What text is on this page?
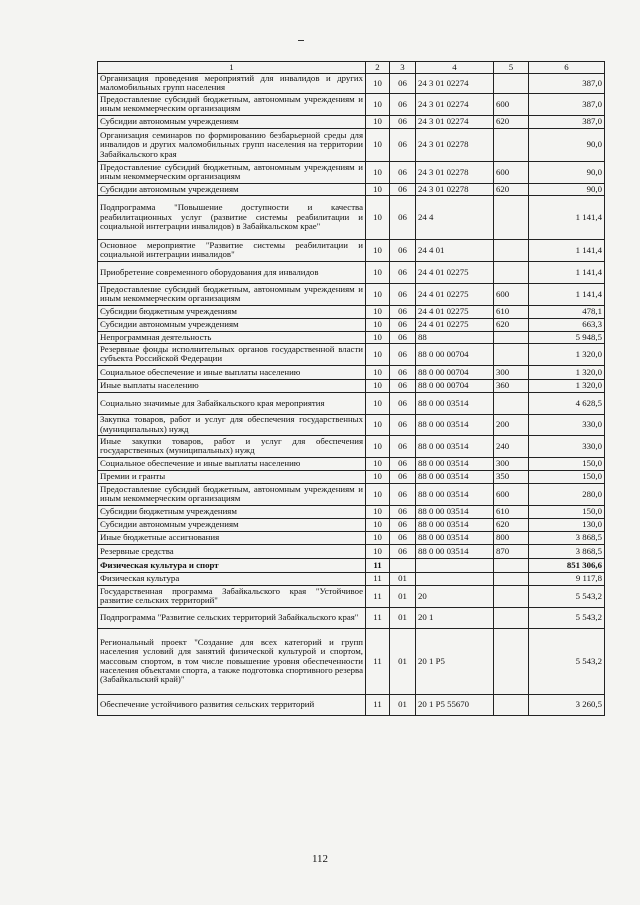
1	2	3	4	5	6
Организация проведения мероприятий для инвалидов и других маломобильных групп населения	10	06	24 3 01 02274		387,0
Предоставление субсидий бюджетным, автономным учреждениям и иным некоммерческим организациям	10	06	24 3 01 02274	600	387,0
Субсидии автономным учреждениям	10	06	24 3 01 02274	620	387,0
Организация семинаров по формированию безбарьерной среды для инвалидов и других маломобильных групп населения на территории Забайкальского края	10	06	24 3 01 02278		90,0
Предоставление субсидий бюджетным, автономным учреждениям и иным некоммерческим организациям	10	06	24 3 01 02278	600	90,0
Субсидии автономным учреждениям	10	06	24 3 01 02278	620	90,0
Подпрограмма "Повышение доступности и качества реабилитационных услуг (развитие системы реабилитации и социальной интеграции инвалидов) в Забайкальском крае"	10	06	24 4		1 141,4
Основное мероприятие "Развитие системы реабилитации и социальной интеграции инвалидов"	10	06	24 4 01		1 141,4
Приобретение современного оборудования для инвалидов	10	06	24 4 01 02275		1 141,4
Предоставление субсидий бюджетным, автономным учреждениям и иным некоммерческим организациям	10	06	24 4 01 02275	600	1 141,4
Субсидии бюджетным учреждениям	10	06	24 4 01 02275	610	478,1
Субсидии автономным учреждениям	10	06	24 4 01 02275	620	663,3
Непрограммная деятельность	10	06	88		5 948,5
Резервные фонды исполнительных органов государственной власти субъекта Российской Федерации	10	06	88 0 00 00704		1 320,0
Социальное обеспечение и иные выплаты населению	10	06	88 0 00 00704	300	1 320,0
Иные выплаты населению	10	06	88 0 00 00704	360	1 320,0
Социально значимые для Забайкальского края мероприятия	10	06	88 0 00 03514		4 628,5
Закупка товаров, работ и услуг для обеспечения государственных (муниципальных) нужд	10	06	88 0 00 03514	200	330,0
Иные закупки товаров, работ и услуг для обеспечения государственных (муниципальных) нужд	10	06	88 0 00 03514	240	330,0
Социальное обеспечение и иные выплаты населению	10	06	88 0 00 03514	300	150,0
Премии и гранты	10	06	88 0 00 03514	350	150,0
Предоставление субсидий бюджетным, автономным учреждениям и иным некоммерческим организациям	10	06	88 0 00 03514	600	280,0
Субсидии бюджетным учреждениям	10	06	88 0 00 03514	610	150,0
Субсидии автономным учреждениям	10	06	88 0 00 03514	620	130,0
Иные бюджетные ассигнования	10	06	88 0 00 03514	800	3 868,5
Резервные средства	10	06	88 0 00 03514	870	3 868,5
Физическая культура и спорт	11				851 306,6
Физическая культура	11	01			9 117,8
Государственная программа Забайкальского края "Устойчивое развитие сельских территорий"	11	01	20		5 543,2
Подпрограмма "Развитие сельских территорий Забайкальского края"	11	01	20 1		5 543,2
Региональный проект "Создание для всех категорий и групп населения условий для занятий физической культурой и спортом, массовым спортом, в том числе повышение уровня обеспеченности населения объектами спорта, а также подготовка спортивного резерва (Забайкальский край)"	11	01	20 1 P5		5 543,2
Обеспечение устойчивого развития сельских территорий	11	01	20 1 P5 55670		3 260,5
112
